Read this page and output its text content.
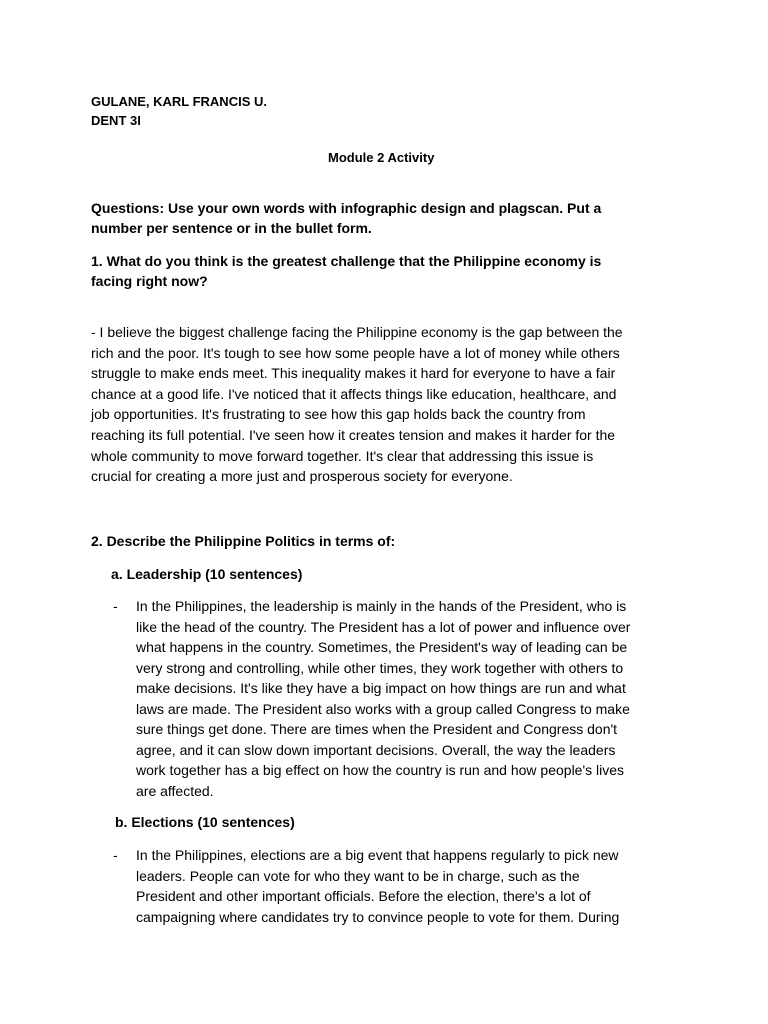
GULANE, KARL FRANCIS U.
DENT 3I
Module 2 Activity
Questions: Use your own words with infographic design and plagscan. Put a
number per sentence or in the bullet form.
1. What do you think is the greatest challenge that the Philippine economy is
facing right now?
- I believe the biggest challenge facing the Philippine economy is the gap between the
rich and the poor. It's tough to see how some people have a lot of money while others
struggle to make ends meet. This inequality makes it hard for everyone to have a fair
chance at a good life. I've noticed that it affects things like education, healthcare, and
job opportunities. It's frustrating to see how this gap holds back the country from
reaching its full potential. I've seen how it creates tension and makes it harder for the
whole community to move forward together. It's clear that addressing this issue is
crucial for creating a more just and prosperous society for everyone.
2. Describe the Philippine Politics in terms of:
a. Leadership (10 sentences)
- In the Philippines, the leadership is mainly in the hands of the President, who is
like the head of the country. The President has a lot of power and influence over
what happens in the country. Sometimes, the President's way of leading can be
very strong and controlling, while other times, they work together with others to
make decisions. It's like they have a big impact on how things are run and what
laws are made. The President also works with a group called Congress to make
sure things get done. There are times when the President and Congress don't
agree, and it can slow down important decisions. Overall, the way the leaders
work together has a big effect on how the country is run and how people's lives
are affected.
b. Elections (10 sentences)
- In the Philippines, elections are a big event that happens regularly to pick new
leaders. People can vote for who they want to be in charge, such as the
President and other important officials. Before the election, there's a lot of
campaigning where candidates try to convince people to vote for them. During
